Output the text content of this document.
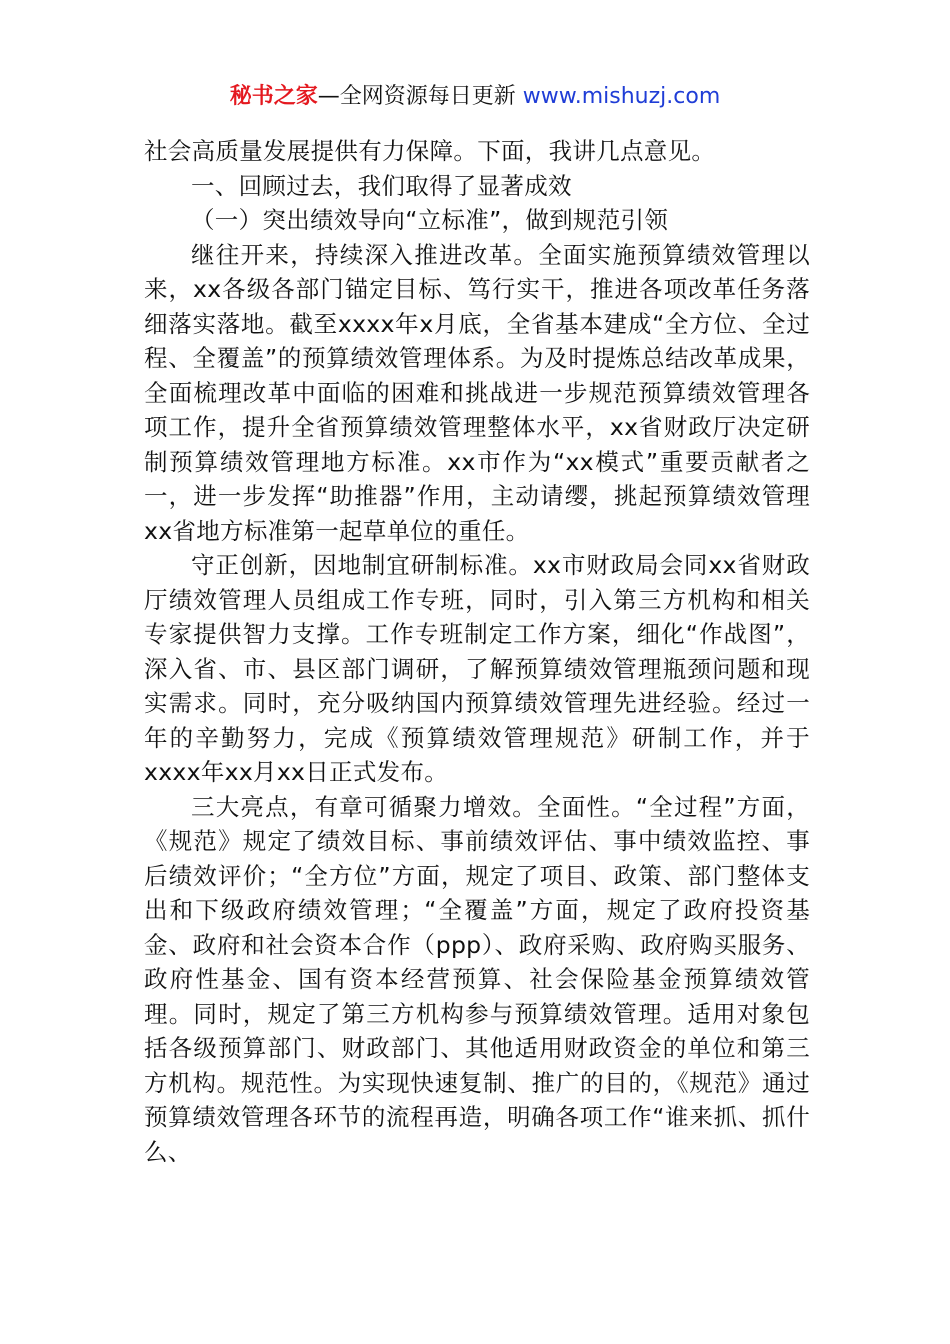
秘书之家—全网资源每日更新 www.mishuzj.com

社会高质量发展提供有力保障。下面，我讲几点意见。

一、回顾过去，我们取得了显著成效

（一）突出绩效导向“立标准”，做到规范引领

继往开来，持续深入推进改革。全面实施预算绩效管理以来，xx各级各部门锚定目标、笃行实干，推进各项改革任务落细落实落地。截至xxxx年x月底，全省基本建成“全方位、全过程、全覆盖”的预算绩效管理体系。为及时提炼总结改革成果，全面梳理改革中面临的困难和挑战进一步规范预算绩效管理各项工作，提升全省预算绩效管理整体水平，xx省财政厅决定研制预算绩效管理地方标准。xx市作为“xx模式”重要贡献者之一，进一步发挥“助推器”作用，主动请缨，挑起预算绩效管理xx省地方标准第一起草单位的重任。

守正创新，因地制宜研制标准。xx市财政局会同xx省财政厅绩效管理人员组成工作专班，同时，引入第三方机构和相关专家提供智力支撑。工作专班制定工作方案，细化“作战图”，深入省、市、县区部门调研，了解预算绩效管理瓶颈问题和现实需求。同时，充分吸纳国内预算绩效管理先进经验。经过一年的辛勤努力，完成《预算绩效管理规范》研制工作，并于xxxx年xx月xx日正式发布。

三大亮点，有章可循聚力增效。全面性。“全过程”方面，《规范》规定了绩效目标、事前绩效评估、事中绩效监控、事后绩效评价；“全方位”方面，规定了项目、政策、部门整体支出和下级政府绩效管理；“全覆盖”方面，规定了政府投资基金、政府和社会资本合作（ppp）、政府采购、政府购买服务、政府性基金、国有资本经营预算、社会保险基金预算绩效管理。同时，规定了第三方机构参与预算绩效管理。适用对象包括各级预算部门、财政部门、其他适用财政资金的单位和第三方机构。规范性。为实现快速复制、推广的目的，《规范》通过预算绩效管理各环节的流程再造，明确各项工作“谁来抓、抓什么、
